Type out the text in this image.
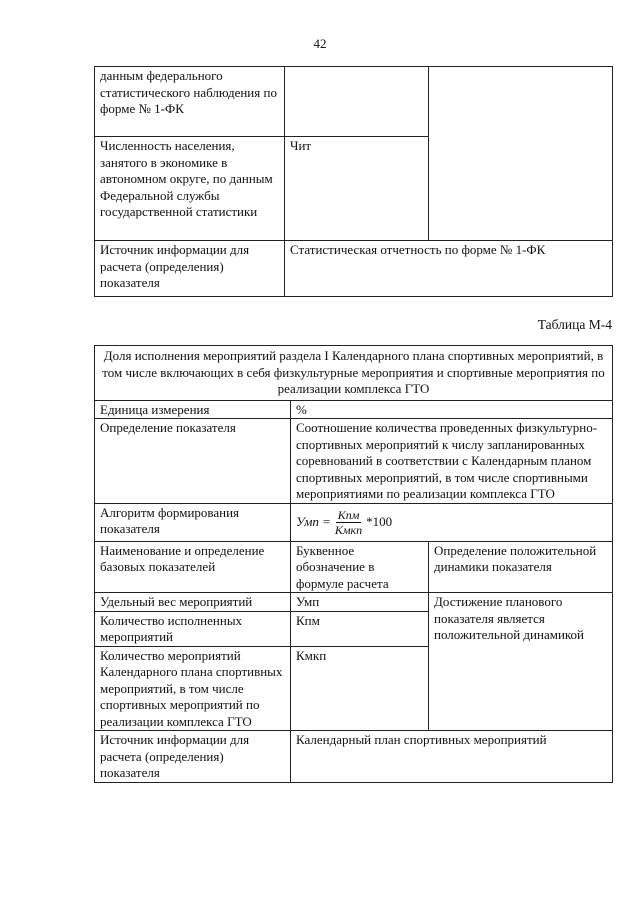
42
данным федерального статистического наблюдения по форме № 1-ФК		
Численность населения, занятого в экономике в автономном округе, по данным Федеральной службы государственной статистики	Чит	
Источник информации для расчета (определения) показателя	Статистическая отчетность по форме № 1-ФК	
Таблица М-4
Доля исполнения мероприятий раздела I Календарного плана спортивных мероприятий, в том числе включающих в себя физкультурные мероприятия и спортивные мероприятия по реализации комплекса ГТО		
Единица измерения	%	
Определение показателя	Соотношение количества проведенных физкультурно-спортивных мероприятий к числу запланированных соревнований в соответствии с Календарным планом спортивных мероприятий, в том числе спортивными мероприятиями по реализации комплекса ГТО	
Алгоритм формирования показателя	Умп = $\frac{\text{Кпм}}{\text{Кмкп}} *100$	

Наименование и определение базовых показателей	Буквенное обозначение в формуле расчета	Определение положительной динамики показателя
Удельный вес мероприятий	Умп	Достижение планового показателя является положительной динамикой
Количество исполненных мероприятий	Кпм	
Количество мероприятий Календарного плана спортивных мероприятий, в том числе спортивных мероприятий по реализации комплекса ГТО	Кмкп	
Источник информации для расчета (определения) показателя	Календарный план спортивных мероприятий	
